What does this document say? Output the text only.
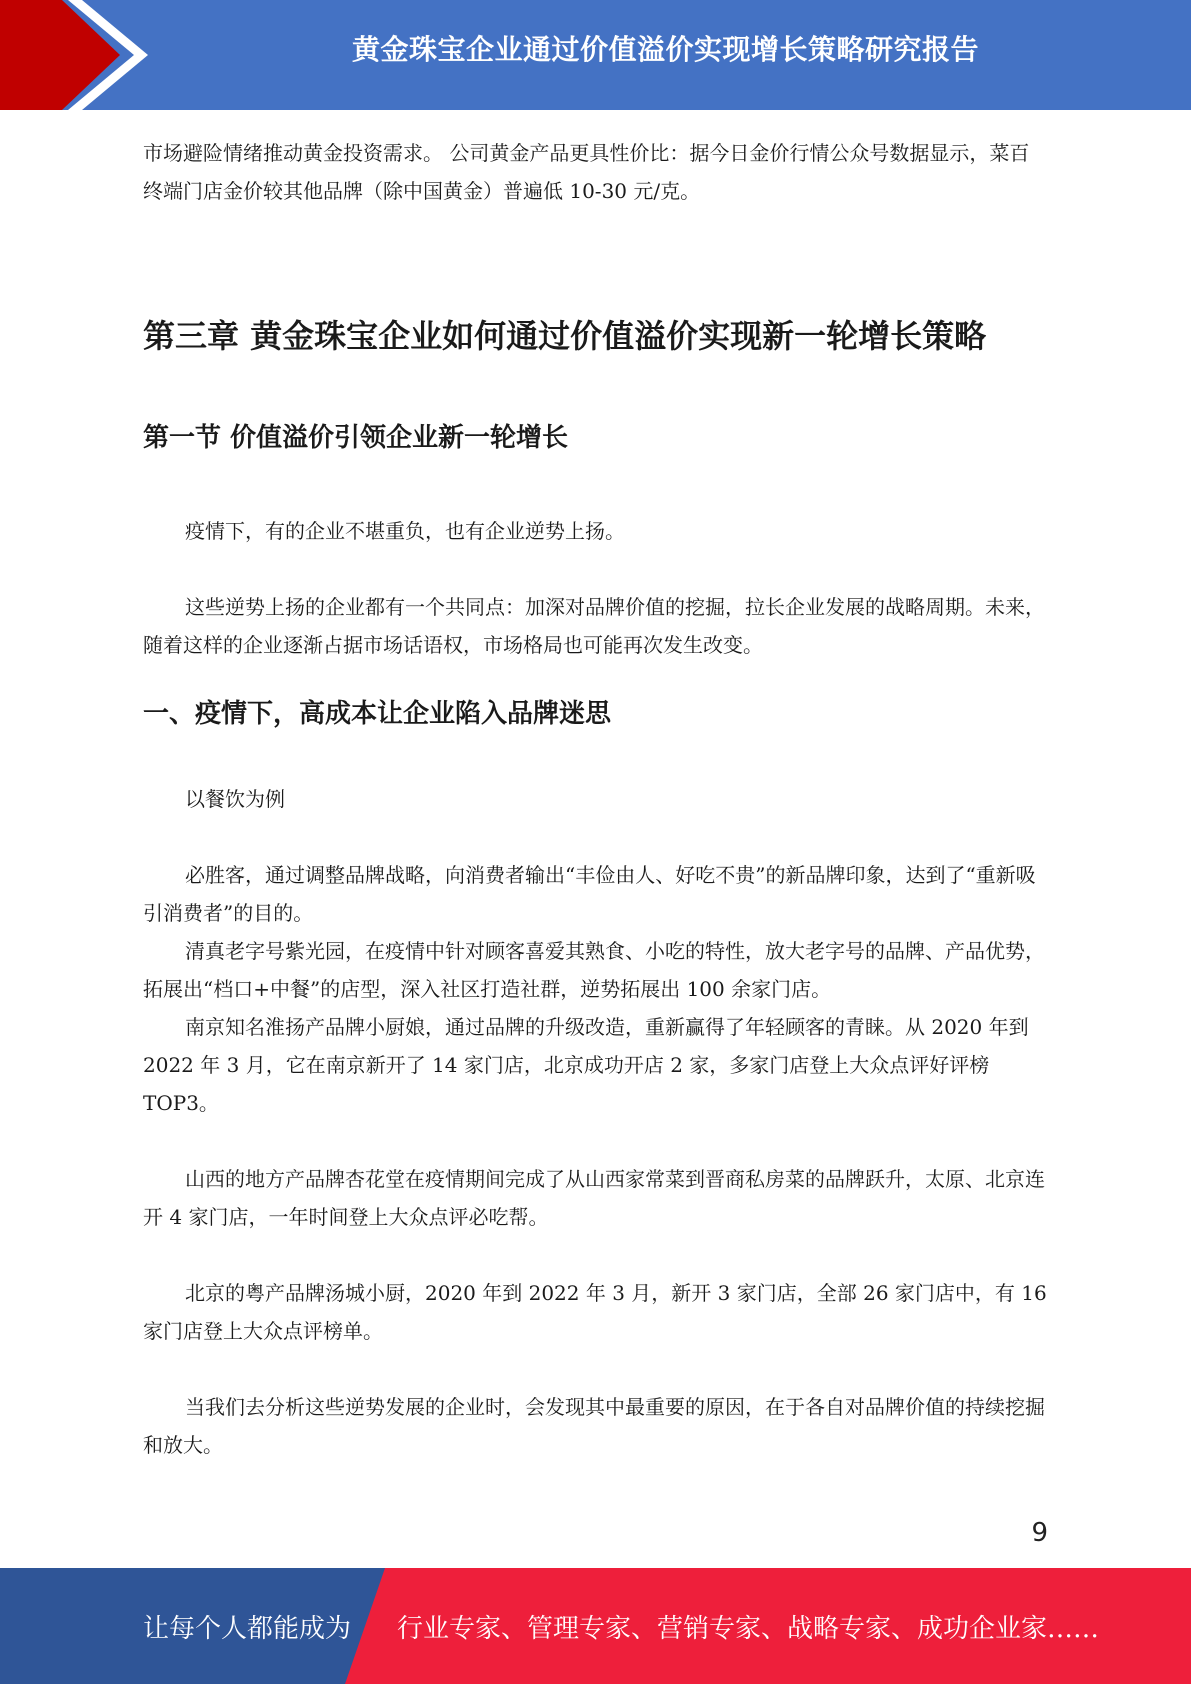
黄金珠宝企业通过价值溢价实现增长策略研究报告

市场避险情绪推动黄金投资需求。 公司黄金产品更具性价比：据今日金价行情公众号数据显示，菜百终端门店金价较其他品牌（除中国黄金）普遍低 10-30 元/克。

第三章 黄金珠宝企业如何通过价值溢价实现新一轮增长策略
第一节 价值溢价引领企业新一轮增长

疫情下，有的企业不堪重负，也有企业逆势上扬。

这些逆势上扬的企业都有一个共同点：加深对品牌价值的挖掘，拉长企业发展的战略周期。未来，随着这样的企业逐渐占据市场话语权，市场格局也可能再次发生改变。

一、疫情下，高成本让企业陷入品牌迷思

以餐饮为例

必胜客，通过调整品牌战略，向消费者输出“丰俭由人、好吃不贵”的新品牌印象，达到了“重新吸引消费者”的目的。

清真老字号紫光园，在疫情中针对顾客喜爱其熟食、小吃的特性，放大老字号的品牌、产品优势，拓展出“档口+中餐”的店型，深入社区打造社群，逆势拓展出 100 余家门店。

南京知名淮扬产品牌小厨娘，通过品牌的升级改造，重新赢得了年轻顾客的青睐。从 2020 年到 2022 年 3 月，它在南京新开了 14 家门店，北京成功开店 2 家，多家门店登上大众点评好评榜 TOP3。

山西的地方产品牌杏花堂在疫情期间完成了从山西家常菜到晋商私房菜的品牌跃升，太原、北京连开 4 家门店，一年时间登上大众点评必吃帮。

北京的粤产品牌汤城小厨，2020 年到 2022 年 3 月，新开 3 家门店，全部 26 家门店中，有 16 家门店登上大众点评榜单。

当我们去分析这些逆势发展的企业时，会发现其中最重要的原因，在于各自对品牌价值的持续挖掘和放大。

9
让每个人都能成为 行业专家、管理专家、营销专家、战略专家、成功企业家……
